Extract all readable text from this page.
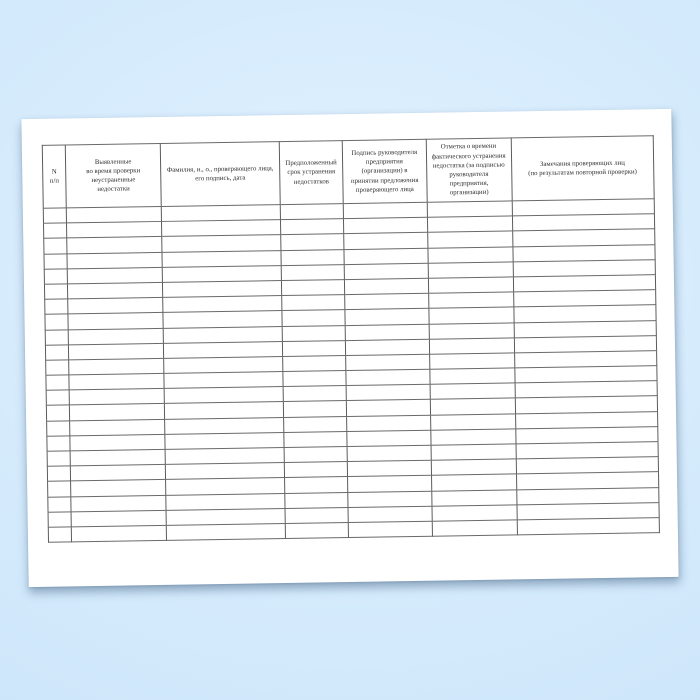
N
п/п	Выявленные
во время проверки
неустраненные
недостатки	Фамилия, и., о., проверяющего лица,
его подпись, дата	Предположенный
срок устранения
недостатков	Подпись руководителя
предприятия
(организации) в
принятии предложения
проверяющего лица	Отметка о времени
фактического устранения
недостатка (за подписью
руководителя предприятия,
организации)	Замечания проверяющих лиц
(по результатам повторной проверки)
